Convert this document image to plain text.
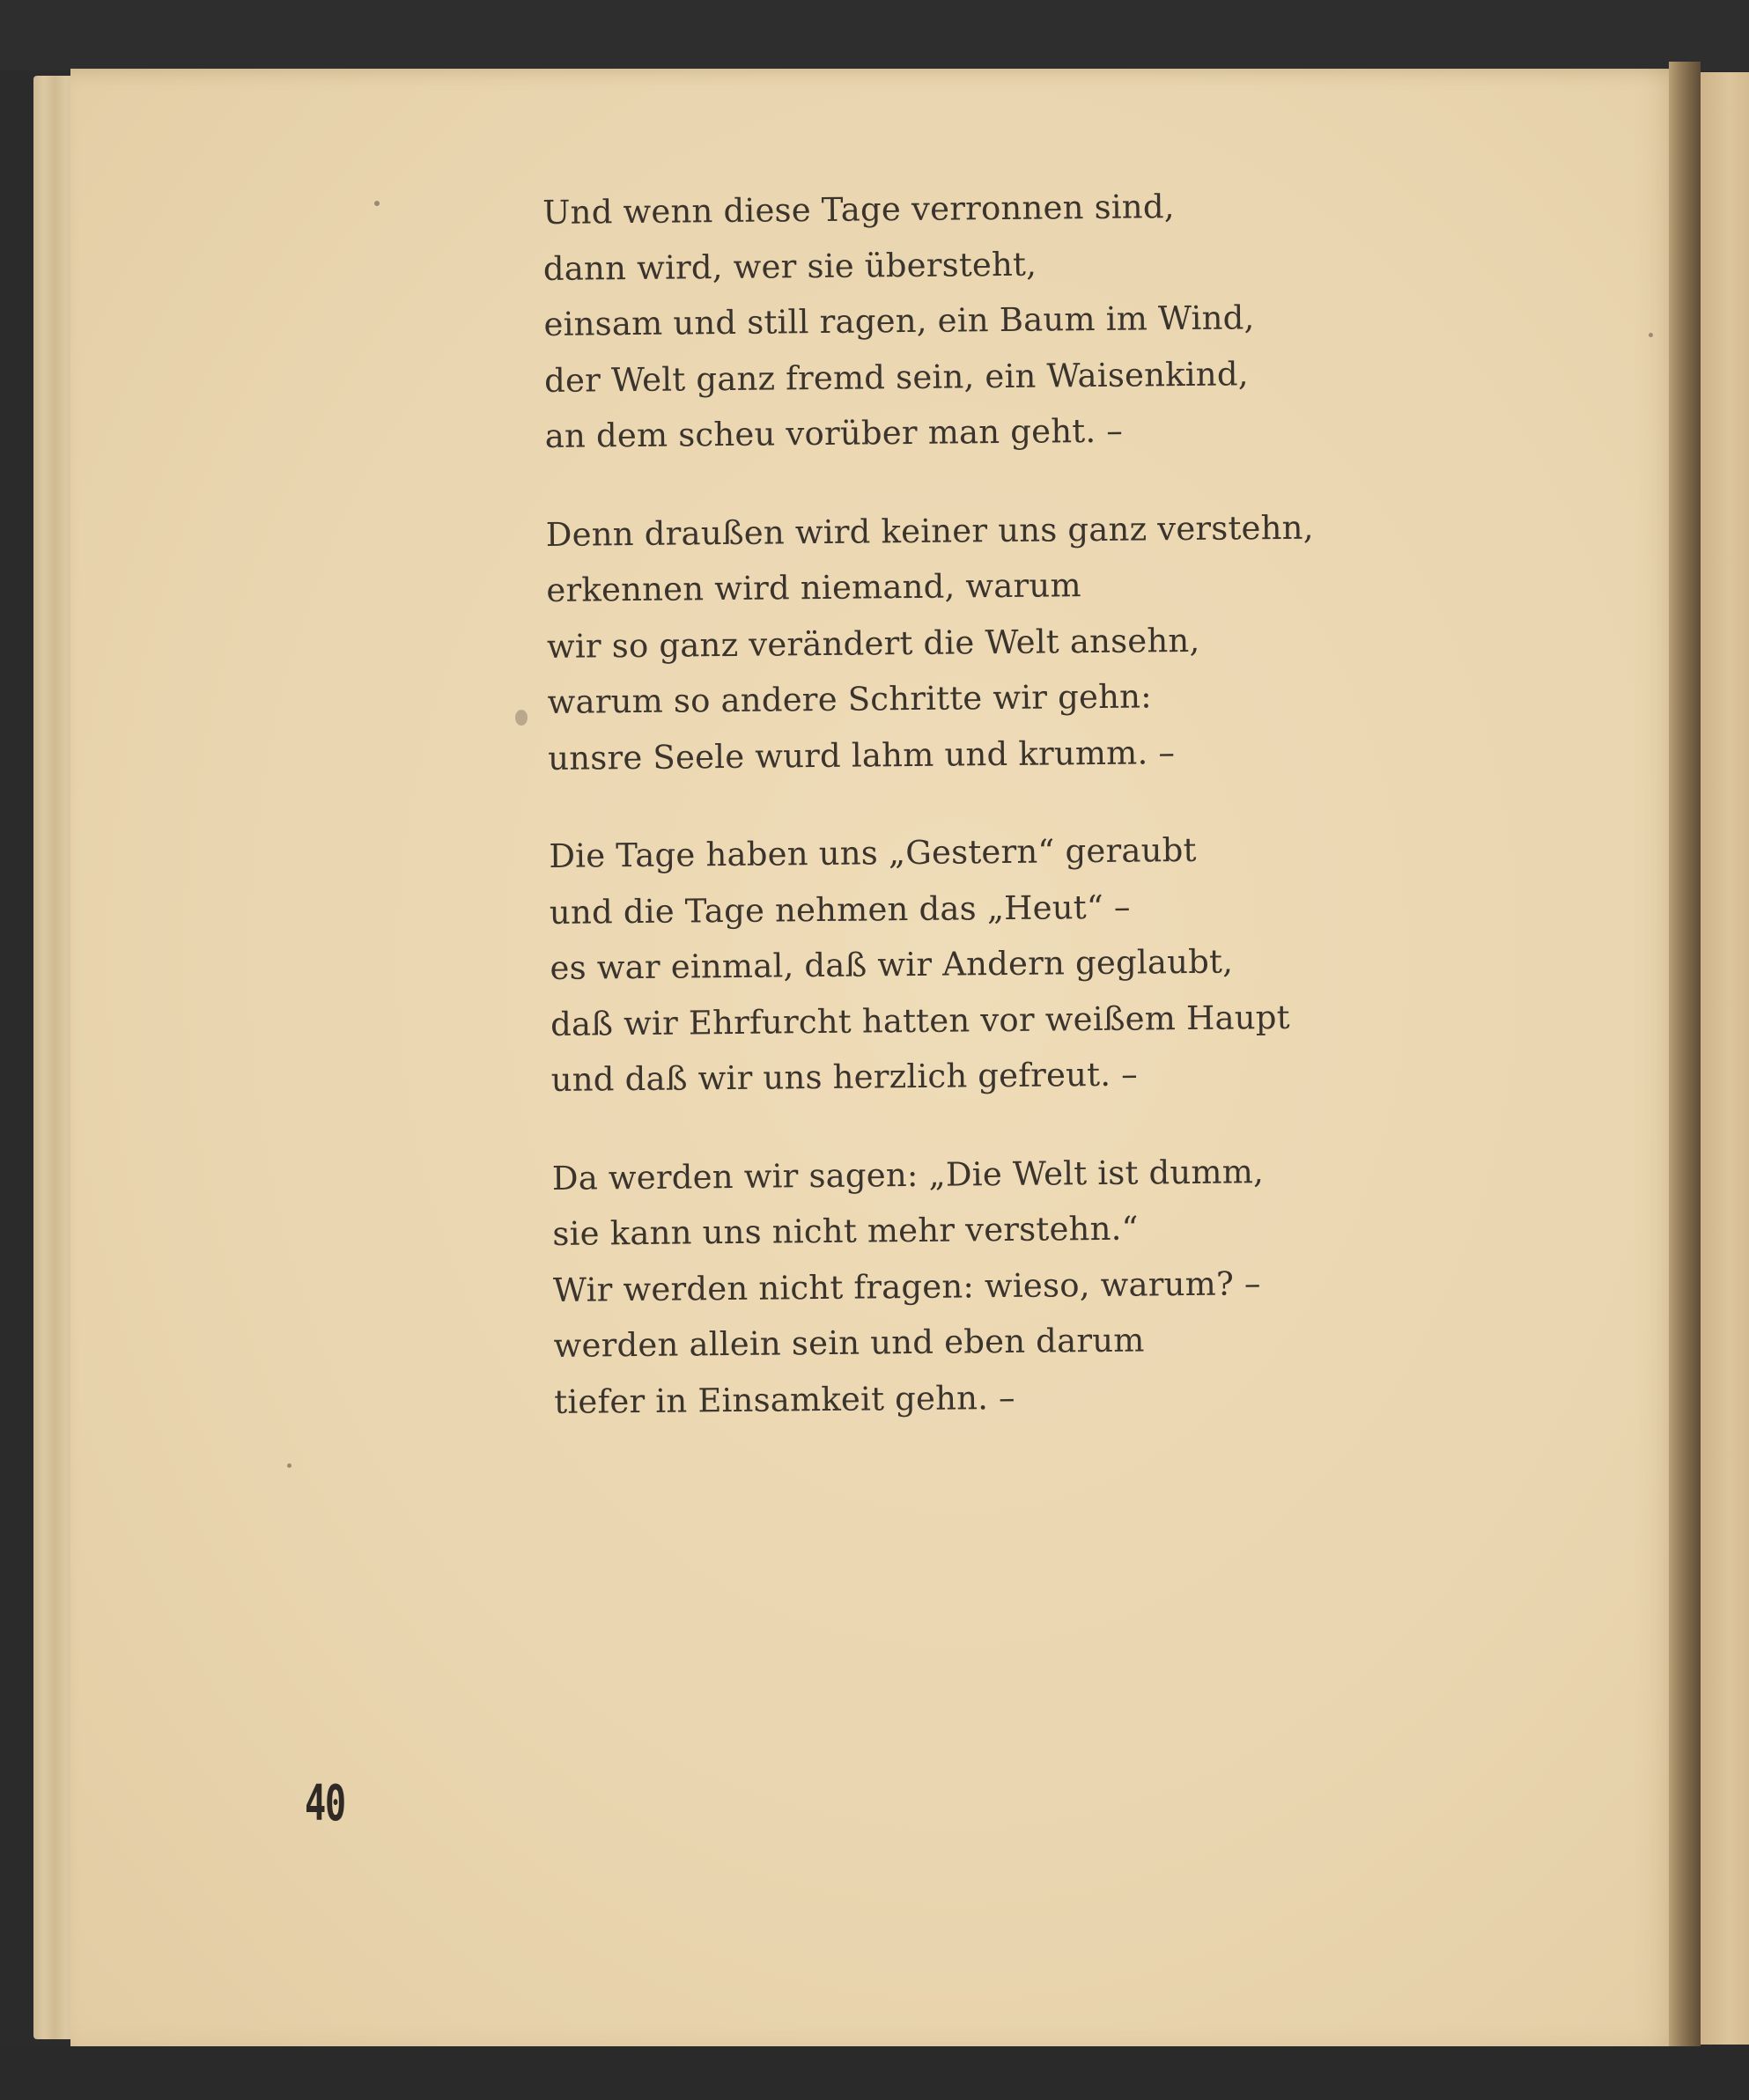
Und wenn diese Tage verronnen sind,
dann wird, wer sie übersteht,
einsam und still ragen, ein Baum im Wind,
der Welt ganz fremd sein, ein Waisenkind,
an dem scheu vorüber man geht. –
Denn draußen wird keiner uns ganz verstehn,
erkennen wird niemand, warum
wir so ganz verändert die Welt ansehn,
warum so andere Schritte wir gehn:
unsre Seele wurd lahm und krumm. –
Die Tage haben uns „Gestern“ geraubt
und die Tage nehmen das „Heut“ –
es war einmal, daß wir Andern geglaubt,
daß wir Ehrfurcht hatten vor weißem Haupt
und daß wir uns herzlich gefreut. –
Da werden wir sagen: „Die Welt ist dumm,
sie kann uns nicht mehr verstehn.“
Wir werden nicht fragen: wieso, warum? –
werden allein sein und eben darum
tiefer in Einsamkeit gehn. –
40
